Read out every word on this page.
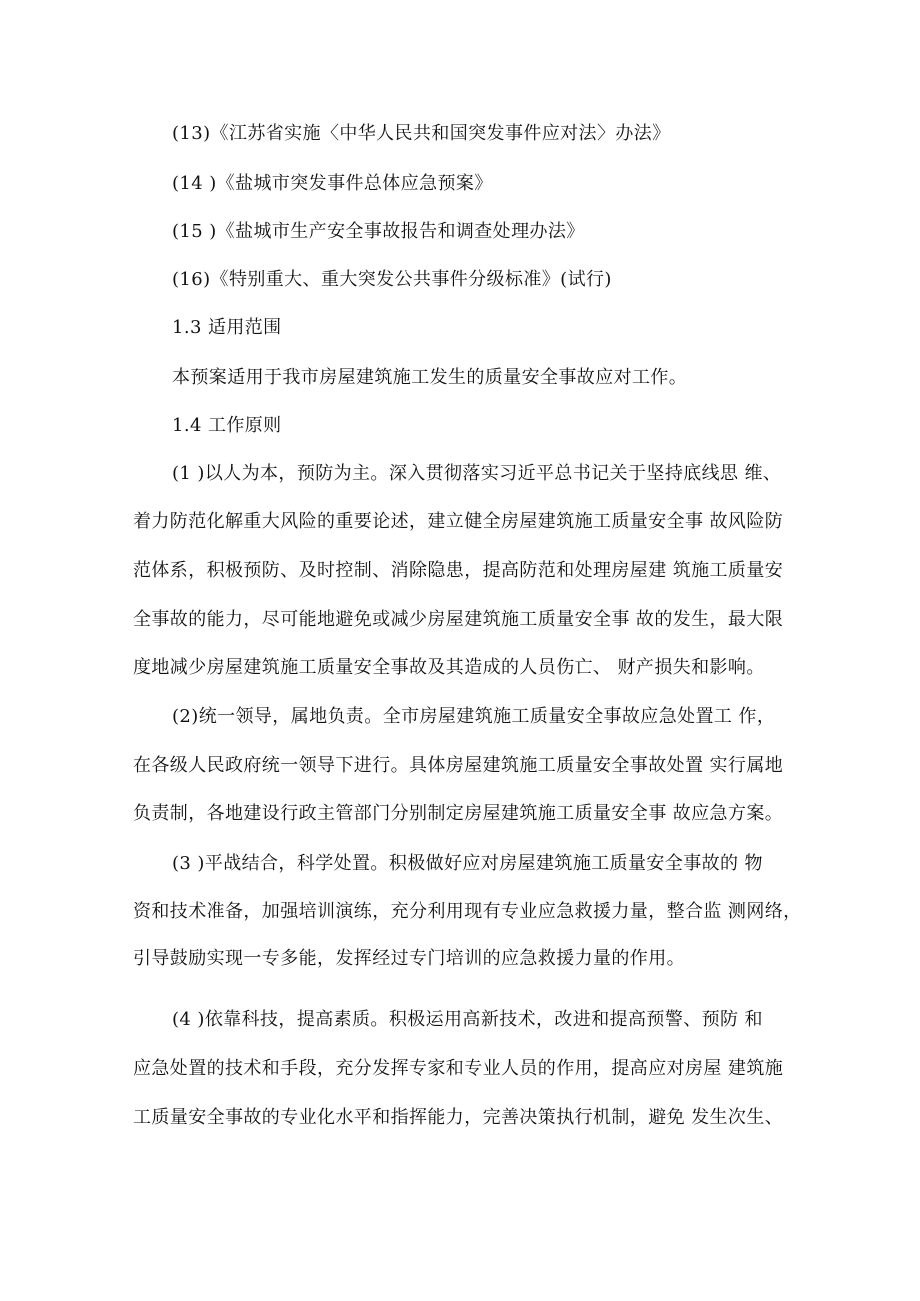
(13)《江苏省实施〈中华人民共和国突发事件应对法〉办法》
(14 )《盐城市突发事件总体应急预案》
(15 )《盐城市生产安全事故报告和调查处理办法》
(16)《特别重大、重大突发公共事件分级标准》(试行)
1.3 适用范围
本预案适用于我市房屋建筑施工发生的质量安全事故应对工作。
1.4 工作原则
(1 )以人为本，预防为主。深入贯彻落实习近平总书记关于坚持底线思 维、
着力防范化解重大风险的重要论述，建立健全房屋建筑施工质量安全事 故风险防
范体系，积极预防、及时控制、消除隐患，提高防范和处理房屋建 筑施工质量安
全事故的能力，尽可能地避免或减少房屋建筑施工质量安全事 故的发生，最大限
度地减少房屋建筑施工质量安全事故及其造成的人员伤亡、 财产损失和影响。
(2)统一领导，属地负责。全市房屋建筑施工质量安全事故应急处置工 作，
在各级人民政府统一领导下进行。具体房屋建筑施工质量安全事故处置 实行属地
负责制，各地建设行政主管部门分别制定房屋建筑施工质量安全事 故应急方案。
(3 )平战结合，科学处置。积极做好应对房屋建筑施工质量安全事故的 物
资和技术准备，加强培训演练，充分利用现有专业应急救援力量，整合监 测网络，
引导鼓励实现一专多能，发挥经过专门培训的应急救援力量的作用。
(4 )依靠科技，提高素质。积极运用高新技术，改进和提高预警、预防 和
应急处置的技术和手段，充分发挥专家和专业人员的作用，提高应对房屋 建筑施
工质量安全事故的专业化水平和指挥能力，完善决策执行机制，避免 发生次生、
